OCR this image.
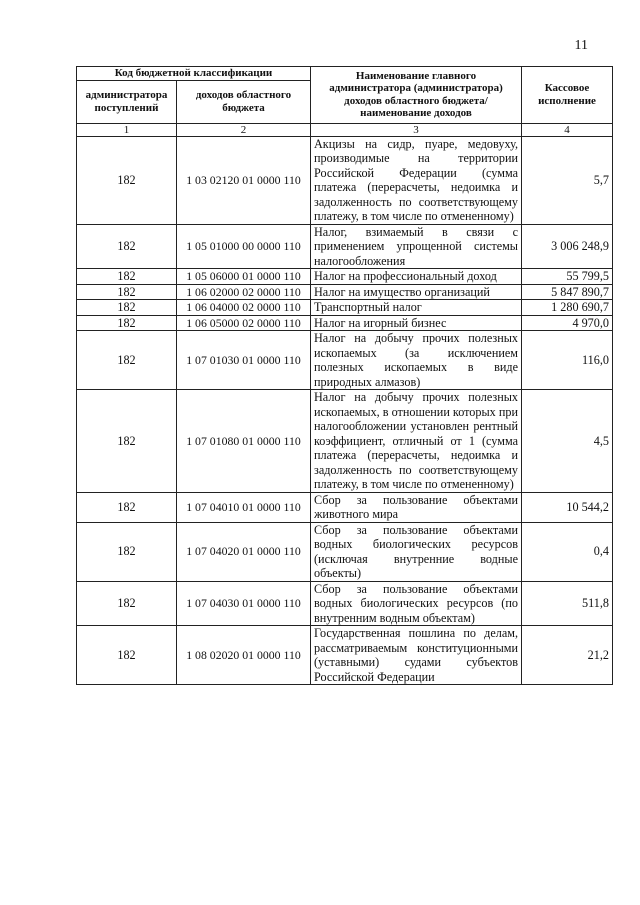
11
Код бюджетной классификации		Наименование главного администратора (администратора) доходов областного бюджета/ наименование доходов	Кассовое исполнение
администратора поступлений	доходов областного бюджета		
1	2	3	4
182	1 03 02120 01 0000 110	Акцизы на сидр, пуаре, медовуху, производимые на территории Российской Федерации (сумма платежа (перерасчеты, недоимка и задолженность по соответствующему платежу, в том числе по отмененному)	5,7
182	1 05 01000 00 0000 110	Налог, взимаемый в связи с применением упрощенной системы налогообложения	3 006 248,9
182	1 05 06000 01 0000 110	Налог на профессиональный доход	55 799,5
182	1 06 02000 02 0000 110	Налог на имущество организаций	5 847 890,7
182	1 06 04000 02 0000 110	Транспортный налог	1 280 690,7
182	1 06 05000 02 0000 110	Налог на игорный бизнес	4 970,0
182	1 07 01030 01 0000 110	Налог на добычу прочих полезных ископаемых (за исключением полезных ископаемых в виде природных алмазов)	116,0
182	1 07 01080 01 0000 110	Налог на добычу прочих полезных ископаемых, в отношении которых при налогообложении установлен рентный коэффициент, отличный от 1 (сумма платежа (перерасчеты, недоимка и задолженность по соответствующему платежу, в том числе по отмененному)	4,5
182	1 07 04010 01 0000 110	Сбор за пользование объектами животного мира	10 544,2
182	1 07 04020 01 0000 110	Сбор за пользование объектами водных биологических ресурсов (исключая внутренние водные объекты)	0,4
182	1 07 04030 01 0000 110	Сбор за пользование объектами водных биологических ресурсов (по внутренним водным объектам)	511,8
182	1 08 02020 01 0000 110	Государственная пошлина по делам, рассматриваемым конституционными (уставными) судами субъектов Российской Федерации	21,2
